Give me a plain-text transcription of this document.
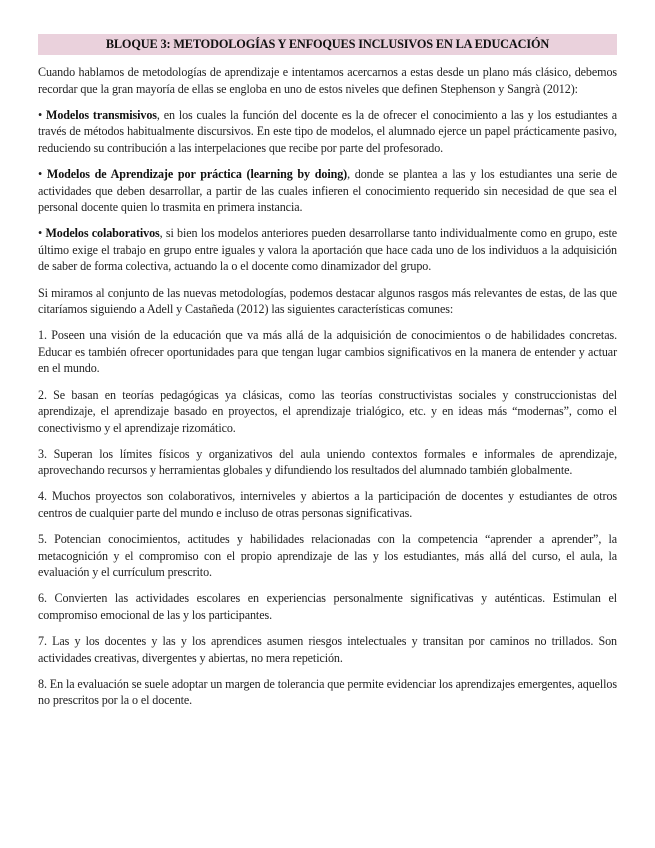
BLOQUE 3: METODOLOGÍAS Y ENFOQUES INCLUSIVOS EN LA EDUCACIÓN

Cuando hablamos de metodologías de aprendizaje e intentamos acercarnos a estas desde un plano más clásico, debemos recordar que la gran mayoría de ellas se engloba en uno de estos niveles que definen Stephenson y Sangrà (2012):

• Modelos transmisivos, en los cuales la función del docente es la de ofrecer el conocimiento a las y los estudiantes a través de métodos habitualmente discursivos. En este tipo de modelos, el alumnado ejerce un papel prácticamente pasivo, reduciendo su contribución a las interpelaciones que recibe por parte del profesorado.

• Modelos de Aprendizaje por práctica (learning by doing), donde se plantea a las y los estudiantes una serie de actividades que deben desarrollar, a partir de las cuales infieren el conocimiento requerido sin necesidad de que sea el personal docente quien lo trasmita en primera instancia.

• Modelos colaborativos, si bien los modelos anteriores pueden desarrollarse tanto individualmente como en grupo, este último exige el trabajo en grupo entre iguales y valora la aportación que hace cada uno de los individuos a la adquisición de saber de forma colectiva, actuando la o el docente como dinamizador del grupo.

Si miramos al conjunto de las nuevas metodologías, podemos destacar algunos rasgos más relevantes de estas, de las que citaríamos siguiendo a Adell y Castañeda (2012) las siguientes características comunes:

1. Poseen una visión de la educación que va más allá de la adquisición de conocimientos o de habilidades concretas. Educar es también ofrecer oportunidades para que tengan lugar cambios significativos en la manera de entender y actuar en el mundo.

2. Se basan en teorías pedagógicas ya clásicas, como las teorías constructivistas sociales y construccionistas del aprendizaje, el aprendizaje basado en proyectos, el aprendizaje trialógico, etc. y en ideas más “modernas”, como el conectivismo y el aprendizaje rizomático.

3. Superan los límites físicos y organizativos del aula uniendo contextos formales e informales de aprendizaje, aprovechando recursos y herramientas globales y difundiendo los resultados del alumnado también globalmente.

4. Muchos proyectos son colaborativos, interniveles y abiertos a la participación de docentes y estudiantes de otros centros de cualquier parte del mundo e incluso de otras personas significativas.

5. Potencian conocimientos, actitudes y habilidades relacionadas con la competencia “aprender a aprender”, la metacognición y el compromiso con el propio aprendizaje de las y los estudiantes, más allá del curso, el aula, la evaluación y el currículum prescrito.

6. Convierten las actividades escolares en experiencias personalmente significativas y auténticas. Estimulan el compromiso emocional de las y los participantes.

7. Las y los docentes y las y los aprendices asumen riesgos intelectuales y transitan por caminos no trillados. Son actividades creativas, divergentes y abiertas, no mera repetición.

8. En la evaluación se suele adoptar un margen de tolerancia que permite evidenciar los aprendizajes emergentes, aquellos no prescritos por la o el docente.
